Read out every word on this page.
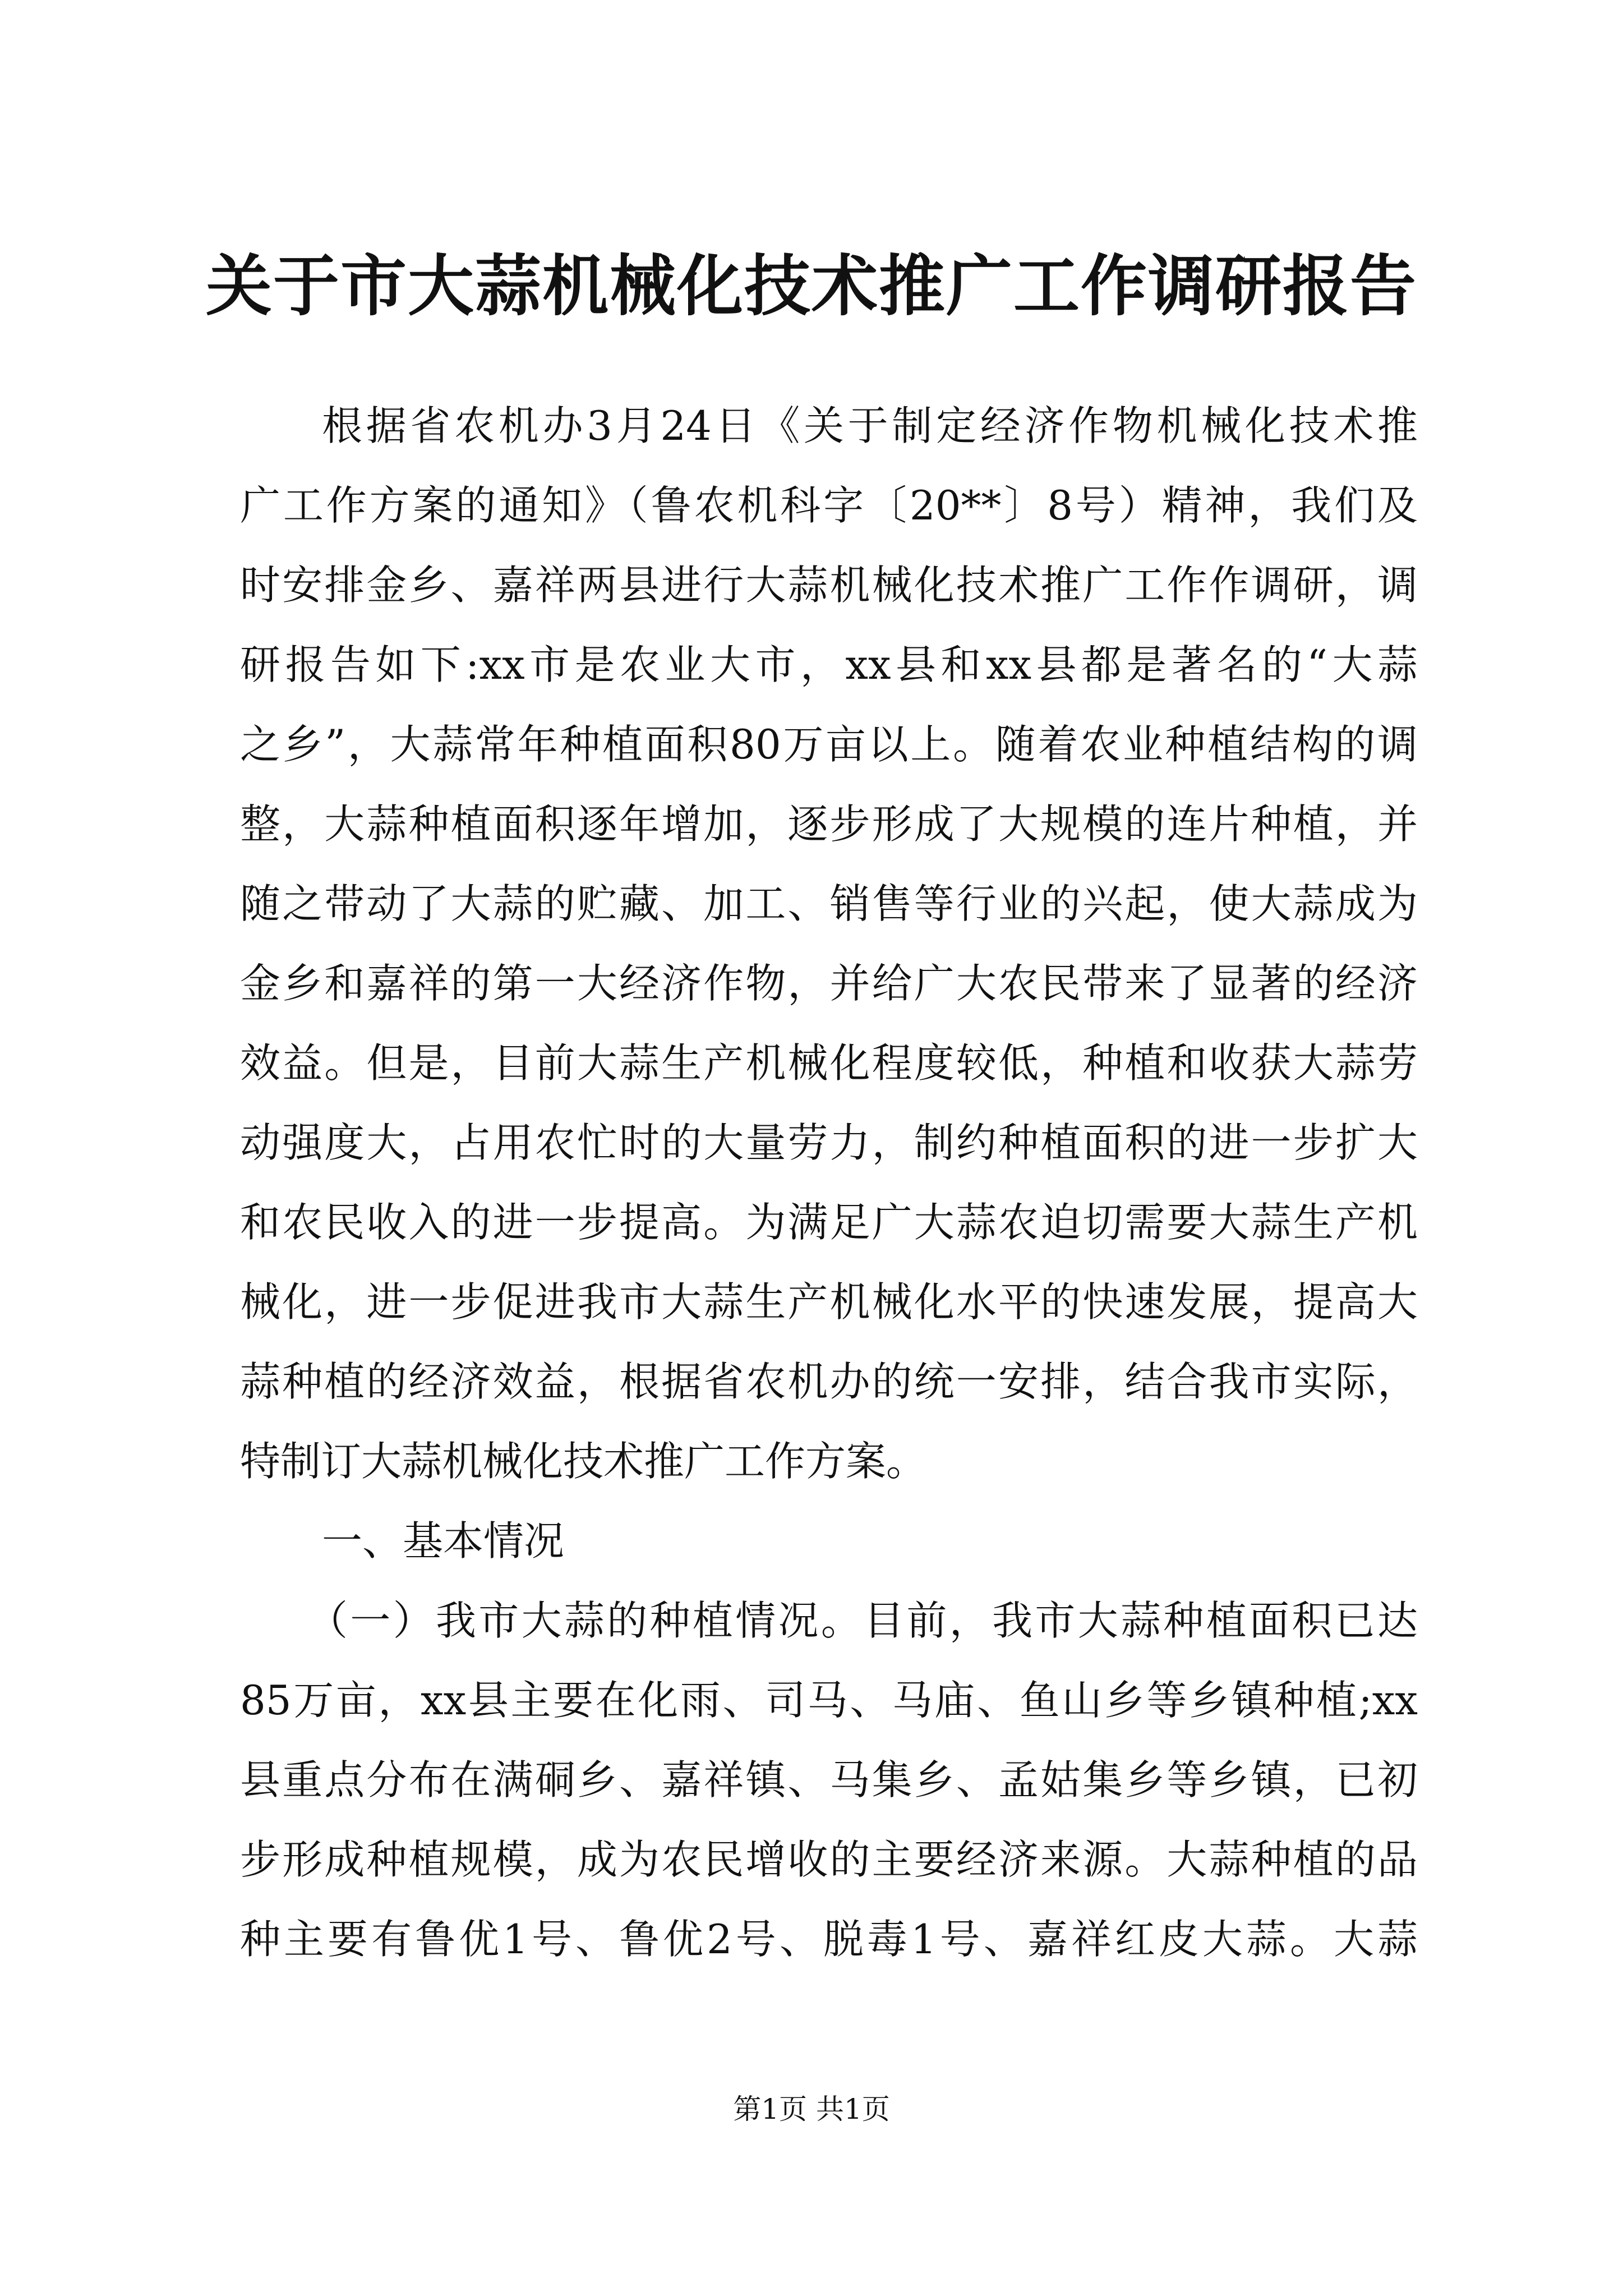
关于市大蒜机械化技术推广工作调研报告
根据省农机办3月24日《关于制定经济作物机械化技术推
广工作方案的通知》（鲁农机科字〔20**〕8号）精神，我们及
时安排金乡、嘉祥两县进行大蒜机械化技术推广工作作调研，调
研报告如下:xx市是农业大市，xx县和xx县都是著名的“大蒜
之乡”，大蒜常年种植面积80万亩以上。随着农业种植结构的调
整，大蒜种植面积逐年增加，逐步形成了大规模的连片种植，并
随之带动了大蒜的贮藏、加工、销售等行业的兴起，使大蒜成为
金乡和嘉祥的第一大经济作物，并给广大农民带来了显著的经济
效益。但是，目前大蒜生产机械化程度较低，种植和收获大蒜劳
动强度大，占用农忙时的大量劳力，制约种植面积的进一步扩大
和农民收入的进一步提高。为满足广大蒜农迫切需要大蒜生产机
械化，进一步促进我市大蒜生产机械化水平的快速发展，提高大
蒜种植的经济效益，根据省农机办的统一安排，结合我市实际，
特制订大蒜机械化技术推广工作方案。
一、基本情况
（一）我市大蒜的种植情况。目前，我市大蒜种植面积已达
85万亩，xx县主要在化雨、司马、马庙、鱼山乡等乡镇种植;xx
县重点分布在满硐乡、嘉祥镇、马集乡、孟姑集乡等乡镇，已初
步形成种植规模，成为农民增收的主要经济来源。大蒜种植的品
种主要有鲁优1号、鲁优2号、脱毒1号、嘉祥红皮大蒜。大蒜
第1页 共1页
